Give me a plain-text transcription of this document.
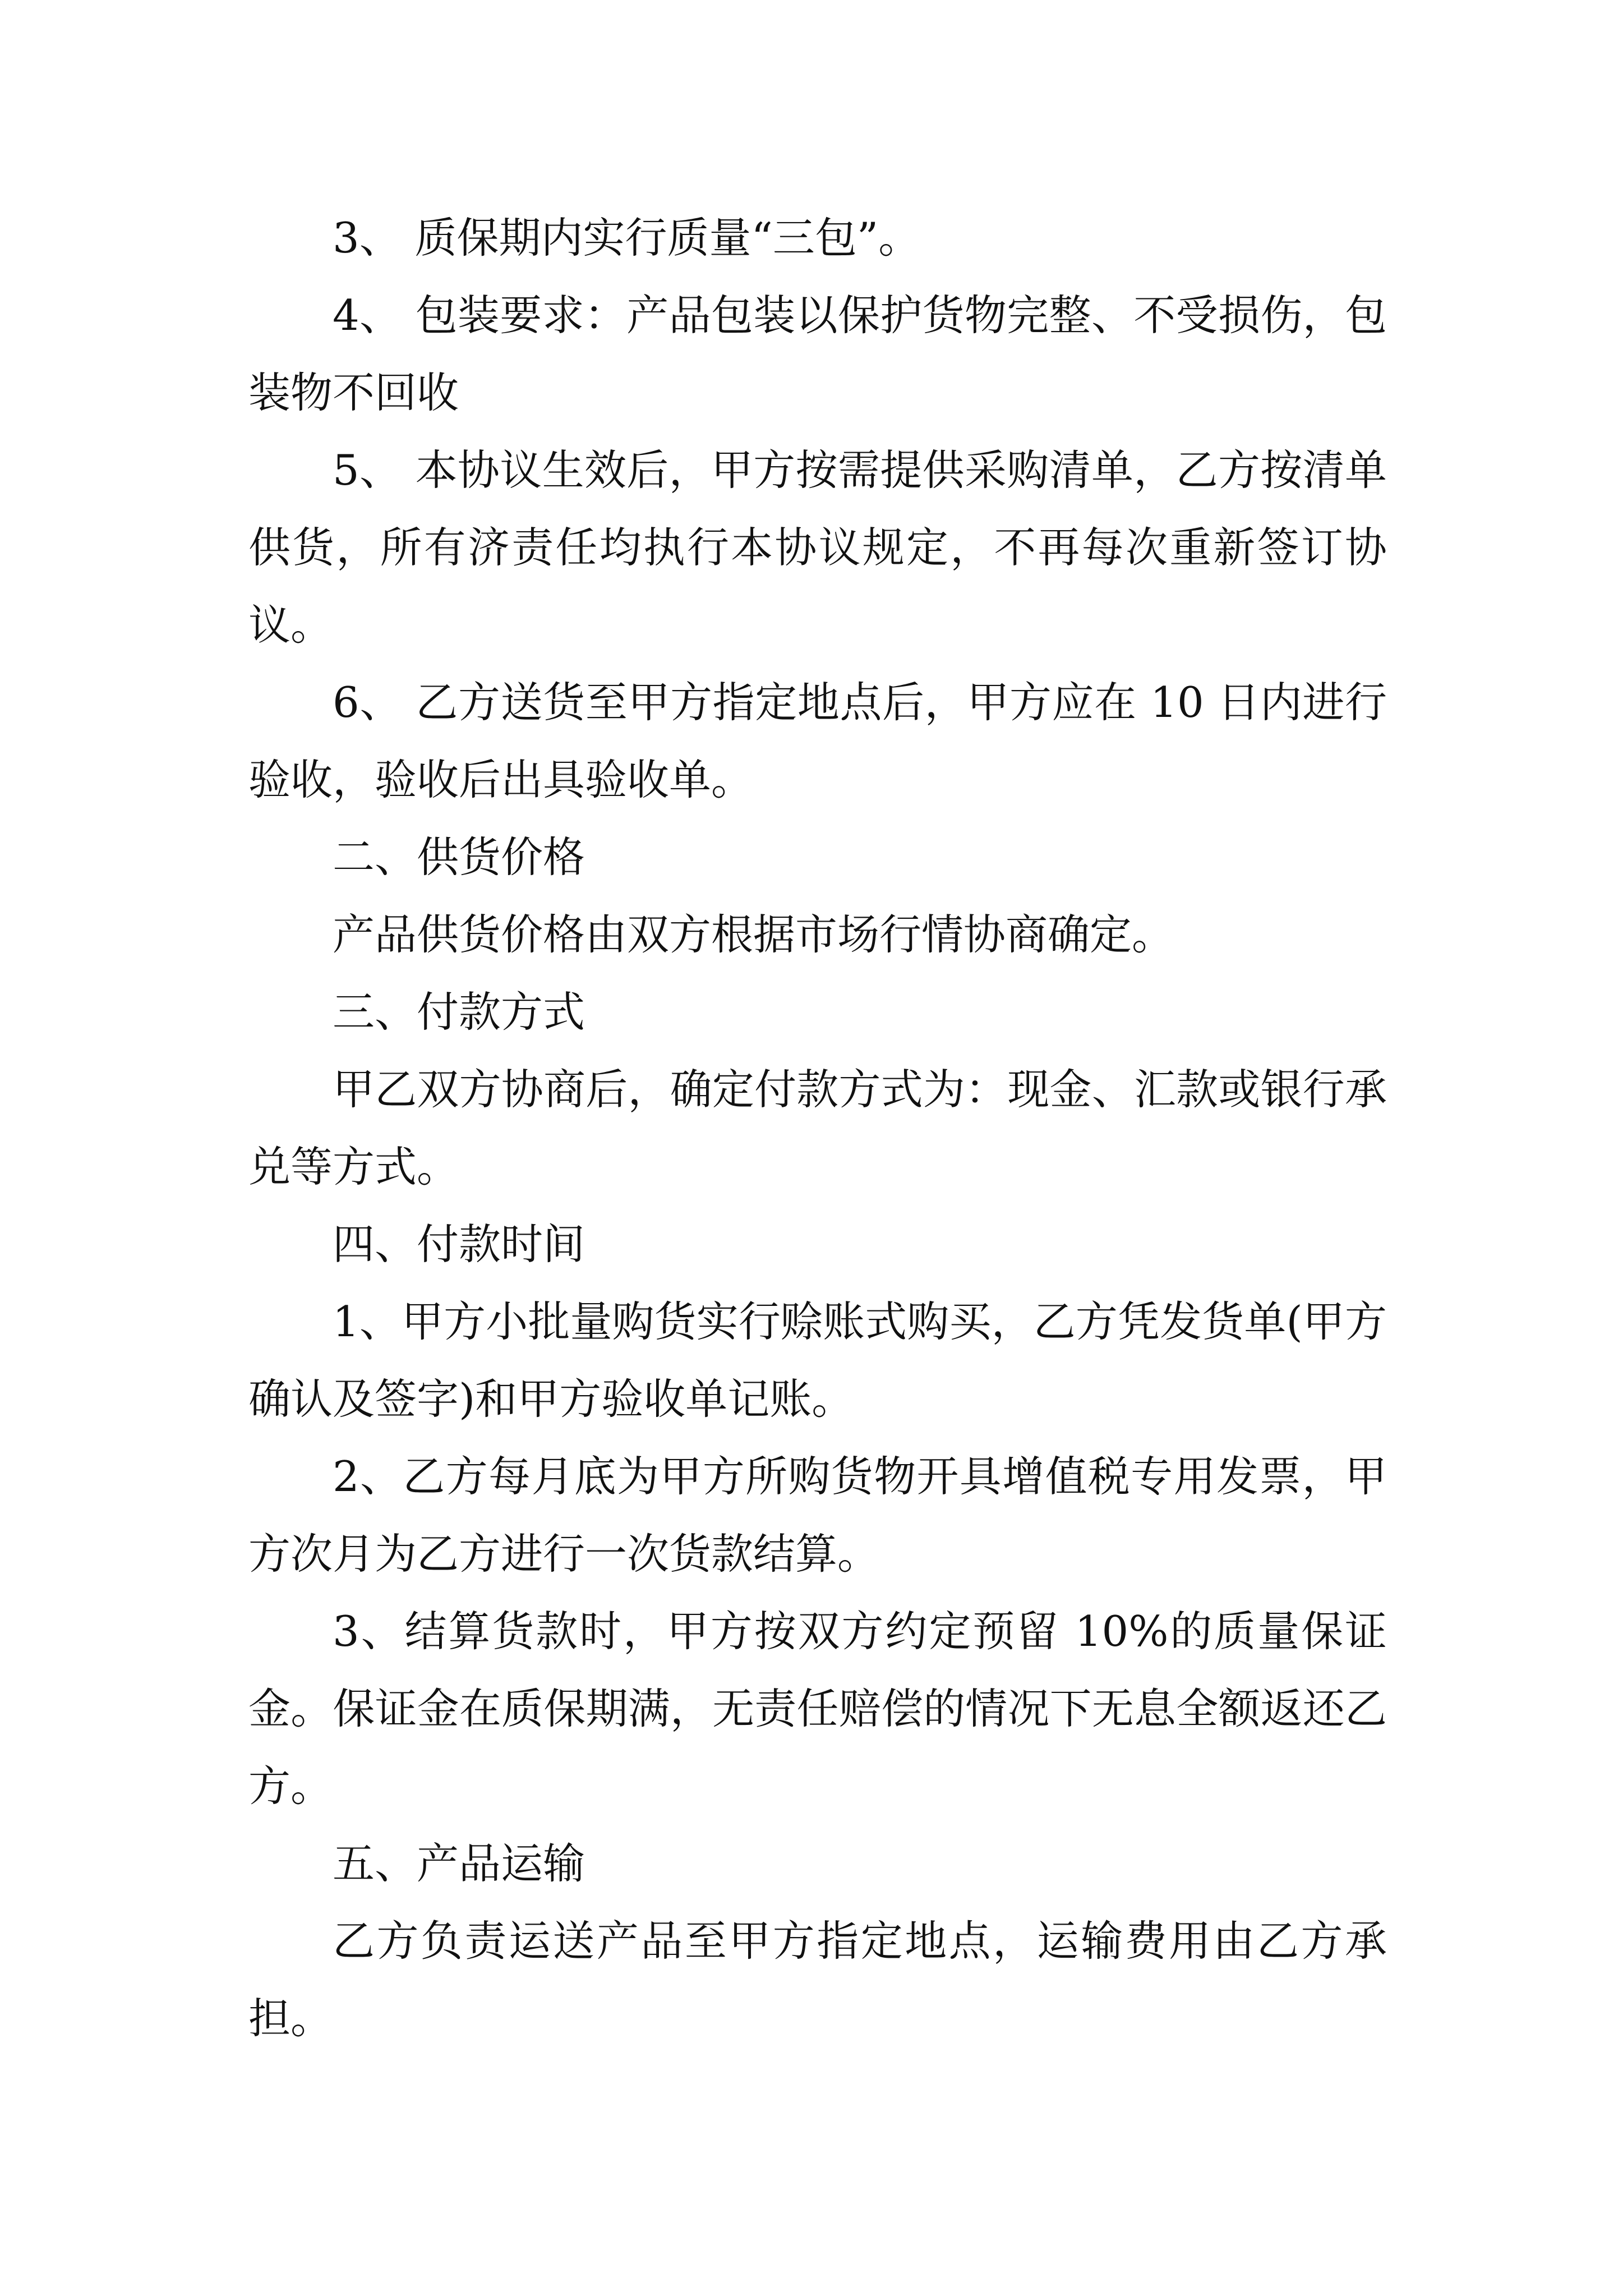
3、 质保期内实行质量“三包”。

4、 包装要求：产品包装以保护货物完整、不受损伤，包装物不回收

5、 本协议生效后，甲方按需提供采购清单，乙方按清单供货，所有济责任均执行本协议规定，不再每次重新签订协议。

6、 乙方送货至甲方指定地点后，甲方应在 10 日内进行验收，验收后出具验收单。

二、供货价格

产品供货价格由双方根据市场行情协商确定。

三、付款方式

甲乙双方协商后，确定付款方式为：现金、汇款或银行承兑等方式。

四、付款时间

1、甲方小批量购货实行赊账式购买，乙方凭发货单(甲方确认及签字)和甲方验收单记账。

2、乙方每月底为甲方所购货物开具增值税专用发票，甲方次月为乙方进行一次货款结算。

3、结算货款时，甲方按双方约定预留 10%的质量保证金。保证金在质保期满，无责任赔偿的情况下无息全额返还乙方。

五、产品运输

乙方负责运送产品至甲方指定地点，运输费用由乙方承担。
